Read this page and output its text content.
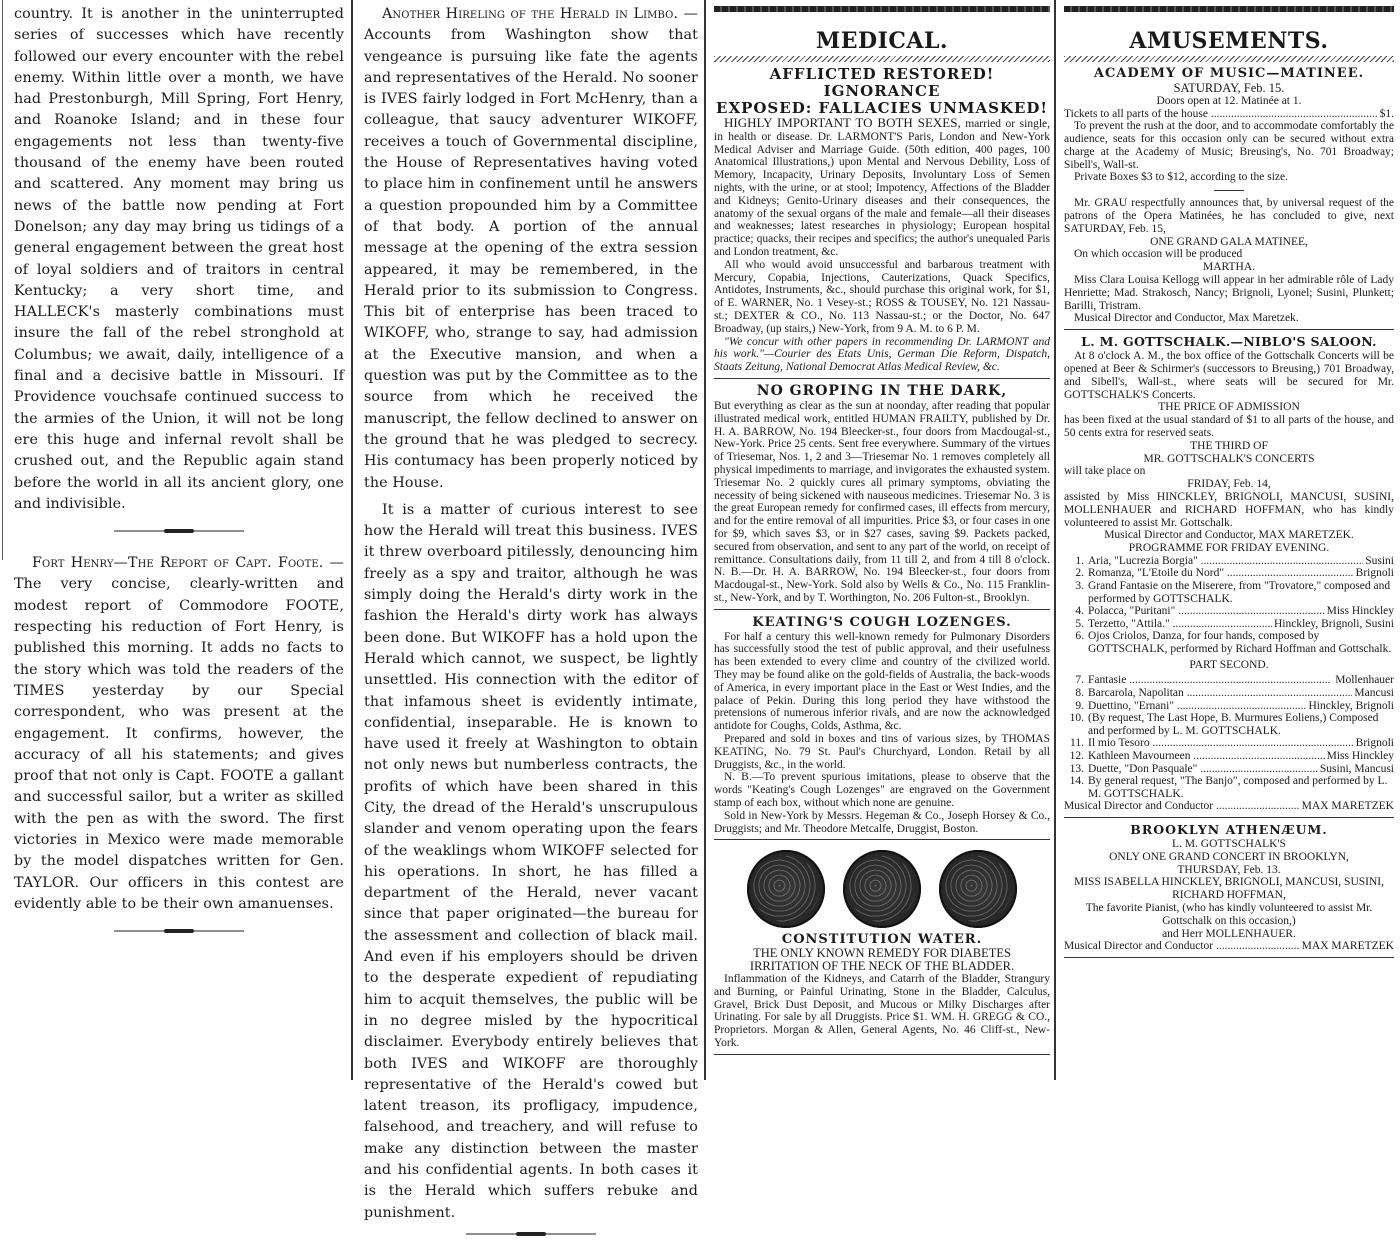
country. It is another in the uninterrupted series of successes which have recently followed our every encounter with the rebel enemy. Within little over a month, we have had Prestonburgh, Mill Spring, Fort Henry, and Roanoke Island; and in these four engagements not less than twenty-five thousand of the enemy have been routed and scattered. Any moment may bring us news of the battle now pending at Fort Donelson; any day may bring us tidings of a general engagement between the great host of loyal soldiers and of traitors in central Kentucky; a very short time, and HALLECK's masterly combinations must insure the fall of the rebel stronghold at Columbus; we await, daily, intelligence of a final and a decisive battle in Missouri. If Providence vouchsafe continued success to the armies of the Union, it will not be long ere this huge and infernal revolt shall be crushed out, and the Republic again stand before the world in all its ancient glory, one and indivisible.

Fort Henry—The Report of Capt. Foote. —The very concise, clearly-written and modest report of Commodore FOOTE, respecting his reduction of Fort Henry, is published this morning. It adds no facts to the story which was told the readers of the TIMES yesterday by our Special correspondent, who was present at the engagement. It confirms, however, the accuracy of all his statements; and gives proof that not only is Capt. FOOTE a gallant and successful sailor, but a writer as skilled with the pen as with the sword. The first victories in Mexico were made memorable by the model dispatches written for Gen. TAYLOR. Our officers in this contest are evidently able to be their own amanuenses.

Another Hireling of the Herald in Limbo. —Accounts from Washington show that vengeance is pursuing like fate the agents and representatives of the Herald. No sooner is IVES fairly lodged in Fort McHenry, than a colleague, that saucy adventurer WIKOFF, receives a touch of Governmental discipline, the House of Representatives having voted to place him in confinement until he answers a question propounded him by a Committee of that body. A portion of the annual message at the opening of the extra session appeared, it may be remembered, in the Herald prior to its submission to Congress. This bit of enterprise has been traced to WIKOFF, who, strange to say, had admission at the Executive mansion, and when a question was put by the Committee as to the source from which he received the manuscript, the fellow declined to answer on the ground that he was pledged to secrecy. His contumacy has been properly noticed by the House.

It is a matter of curious interest to see how the Herald will treat this business. IVES it threw overboard pitilessly, denouncing him freely as a spy and traitor, although he was simply doing the Herald's dirty work in the fashion the Herald's dirty work has always been done. But WIKOFF has a hold upon the Herald which cannot, we suspect, be lightly unsettled. His connection with the editor of that infamous sheet is evidently intimate, confidential, inseparable. He is known to have used it freely at Washington to obtain not only news but numberless contracts, the profits of which have been shared in this City, the dread of the Herald's unscrupulous slander and venom operating upon the fears of the weaklings whom WIKOFF selected for his operations. In short, he has filled a department of the Herald, never vacant since that paper originated—the bureau for the assessment and collection of black mail. And even if his employers should be driven to the desperate expedient of repudiating him to acquit themselves, the public will be in no degree misled by the hypocritical disclaimer. Everybody entirely believes that both IVES and WIKOFF are thoroughly representative of the Herald's cowed but latent treason, its profligacy, impudence, falsehood, and treachery, and will refuse to make any distinction between the master and his confidential agents. In both cases it is the Herald which suffers rebuke and punishment.

MEDICAL.
AFFLICTED RESTORED! IGNORANCE
EXPOSED: FALLACIES UNMASKED!

HIGHLY IMPORTANT TO BOTH SEXES, married or single, in health or disease. Dr. LARMONT'S Paris, London and New-York Medical Adviser and Marriage Guide. (50th edition, 400 pages, 100 Anatomical Illustrations,) upon Mental and Nervous Debility, Loss of Memory, Incapacity, Urinary Deposits, Involuntary Loss of Semen nights, with the urine, or at stool; Impotency, Affections of the Bladder and Kidneys; Genito-Urinary diseases and their consequences, the anatomy of the sexual organs of the male and female—all their diseases and weaknesses; latest researches in physiology; European hospital practice; quacks, their recipes and specifics; the author's unequaled Paris and London treatment, &c.

All who would avoid unsuccessful and barbarous treatment with Mercury, Copabia, Injections, Cauterizations, Quack Specifics, Antidotes, Instruments, &c., should purchase this original work, for $1, of E. WARNER, No. 1 Vesey-st.; ROSS & TOUSEY, No. 121 Nassau-st.; DEXTER & CO., No. 113 Nassau-st.; or the Doctor, No. 647 Broadway, (up stairs,) New-York, from 9 A. M. to 6 P. M.

"We concur with other papers in recommending Dr. LARMONT and his work."—Courier des Etats Unis, German Die Reform, Dispatch, Staats Zeitung, National Democrat Atlas Medical Review, &c.

NO GROPING IN THE DARK,

But everything as clear as the sun at noonday, after reading that popular illustrated medical work, entitled HUMAN FRAILTY, published by Dr. H. A. BARROW, No. 194 Bleecker-st., four doors from Macdougal-st., New-York. Price 25 cents. Sent free everywhere. Summary of the virtues of Triesemar, Nos. 1, 2 and 3—Triesemar No. 1 removes completely all physical impediments to marriage, and invigorates the exhausted system. Triesemar No. 2 quickly cures all primary symptoms, obviating the necessity of being sickened with nauseous medicines. Triesemar No. 3 is the great European remedy for confirmed cases, ill effects from mercury, and for the entire removal of all impurities. Price $3, or four cases in one for $9, which saves $3, or in $27 cases, saving $9. Packets packed, secured from observation, and sent to any part of the world, on receipt of remittance. Consultations daily, from 11 till 2, and from 4 till 8 o'clock. N. B.—Dr. H. A. BARROW, No. 194 Bleecker-st., four doors from Macdougal-st., New-York. Sold also by Wells & Co., No. 115 Franklin-st., New-York, and by T. Worthington, No. 206 Fulton-st., Brooklyn.

KEATING'S COUGH LOZENGES.

For half a century this well-known remedy for Pulmonary Disorders has successfully stood the test of public approval, and their usefulness has been extended to every clime and country of the civilized world. They may be found alike on the gold-fields of Australia, the back-woods of America, in every important place in the East or West Indies, and the palace of Pekin. During this long period they have withstood the pretensions of numerous inferior rivals, and are now the acknowledged antidote for Coughs, Colds, Asthma, &c.

Prepared and sold in boxes and tins of various sizes, by THOMAS KEATING, No. 79 St. Paul's Churchyard, London. Retail by all Druggists, &c., in the world.

N. B.—To prevent spurious imitations, please to observe that the words "Keating's Cough Lozenges" are engraved on the Government stamp of each box, without which none are genuine.

Sold in New-York by Messrs. Hegeman & Co., Joseph Horsey & Co., Druggists; and Mr. Theodore Metcalfe, Druggist, Boston.

CONSTITUTION WATER.
THE ONLY KNOWN REMEDY FOR DIABETES
IRRITATION OF THE NECK OF THE BLADDER.

Inflammation of the Kidneys, and Catarrh of the Bladder, Strangury and Burning, or Painful Urinating, Stone in the Bladder, Calculus, Gravel, Brick Dust Deposit, and Mucous or Milky Discharges after Urinating. For sale by all Druggists. Price $1. WM. H. GREGG & CO., Proprietors. Morgan & Allen, General Agents, No. 46 Cliff-st., New-York.

AMUSEMENTS.
ACADEMY OF MUSIC—MATINEE.
SATURDAY, Feb. 15.
Doors open at 12. Matinée at 1.
Tickets to all parts of the house .....	$1.

To prevent the rush at the door, and to accommodate comfortably the audience, seats for this occasion only can be secured without extra charge at the Academy of Music; Breusing's, No. 701 Broadway; Sibell's, Wall-st.

Private Boxes $3 to $12, according to the size.

Mr. GRAU respectfully announces that, by universal request of the patrons of the Opera Matinées, he has concluded to give, next SATURDAY, Feb. 15,

ONE GRAND GALA MATINEE,
On which occasion will be produced
MARTHA.

Miss Clara Louisa Kellogg will appear in her admirable rôle of Lady Henriette; Mad. Strakosch, Nancy; Brignoli, Lyonel; Susini, Plunkett; Barilli, Tristram.

Musical Director and Conductor, Max Maretzek.
L. M. GOTTSCHALK.—NIBLO'S SALOON.

At 8 o'clock A. M., the box office of the Gottschalk Concerts will be opened at Beer & Schirmer's (successors to Breusing,) 701 Broadway, and Sibell's, Wall-st., where seats will be secured for Mr. GOTTSCHALK'S Concerts.

THE PRICE OF ADMISSION

has been fixed at the usual standard of $1 to all parts of the house, and 50 cents extra for reserved seats.

THE THIRD OF
MR. GOTTSCHALK'S CONCERTS
will take place on
FRIDAY, Feb. 14,

assisted by Miss HINCKLEY, BRIGNOLI, MANCUSI, SUSINI, MOLLENHAUER and RICHARD HOFFMAN, who has kindly volunteered to assist Mr. Gottschalk.

Musical Director and Conductor, MAX MARETZEK.
PROGRAMME FOR FRIDAY EVENING.
1. Aria, "Lucrezia Borgia" .....	Susini
2. Romanza, "L'Etoile du Nord" .....	Brignoli
3. Grand Fantasie on the Miserere, from "Trovatore," composed and performed by GOTTSCHALK.
4. Polacca, "Puritani" .....	Miss Hinckley
5. Terzetto, "Attila." .....	Hinckley, Brignoli, Susini
6. Ojos Criolos, Danza, for four hands, composed by GOTTSCHALK, performed by Richard Hoffman and Gottschalk.
PART SECOND.
7. Fantasie .....	Mollenhauer
8. Barcarola, Napolitan .....	Mancusi
9. Duettino, "Ernani" .....	Hinckley, Brignoli
10. (By request, The Last Hope, B. Murmures Eoliens,) Composed and performed by L. M. GOTTSCHALK.
11. Il mio Tesoro .....	Brignoli
12. Kathleen Mavourneen .....	Miss Hinckley
13. Duette, "Don Pasquale" .....	Susini, Mancusi
14. By general request, "The Banjo", composed and performed by L. M. GOTTSCHALK.
Musical Director and Conductor .....	MAX MARETZEK
BROOKLYN ATHENÆUM.
L. M. GOTTSCHALK'S
ONLY ONE GRAND CONCERT IN BROOKLYN,
THURSDAY, Feb. 13.
MISS ISABELLA HINCKLEY, BRIGNOLI, MANCUSI, SUSINI,
RICHARD HOFFMAN,
The favorite Pianist, (who has kindly volunteered to assist Mr. Gottschalk on this occasion,)
and Herr MOLLENHAUER.
Musical Director and Conductor .....	MAX MARETZEK
